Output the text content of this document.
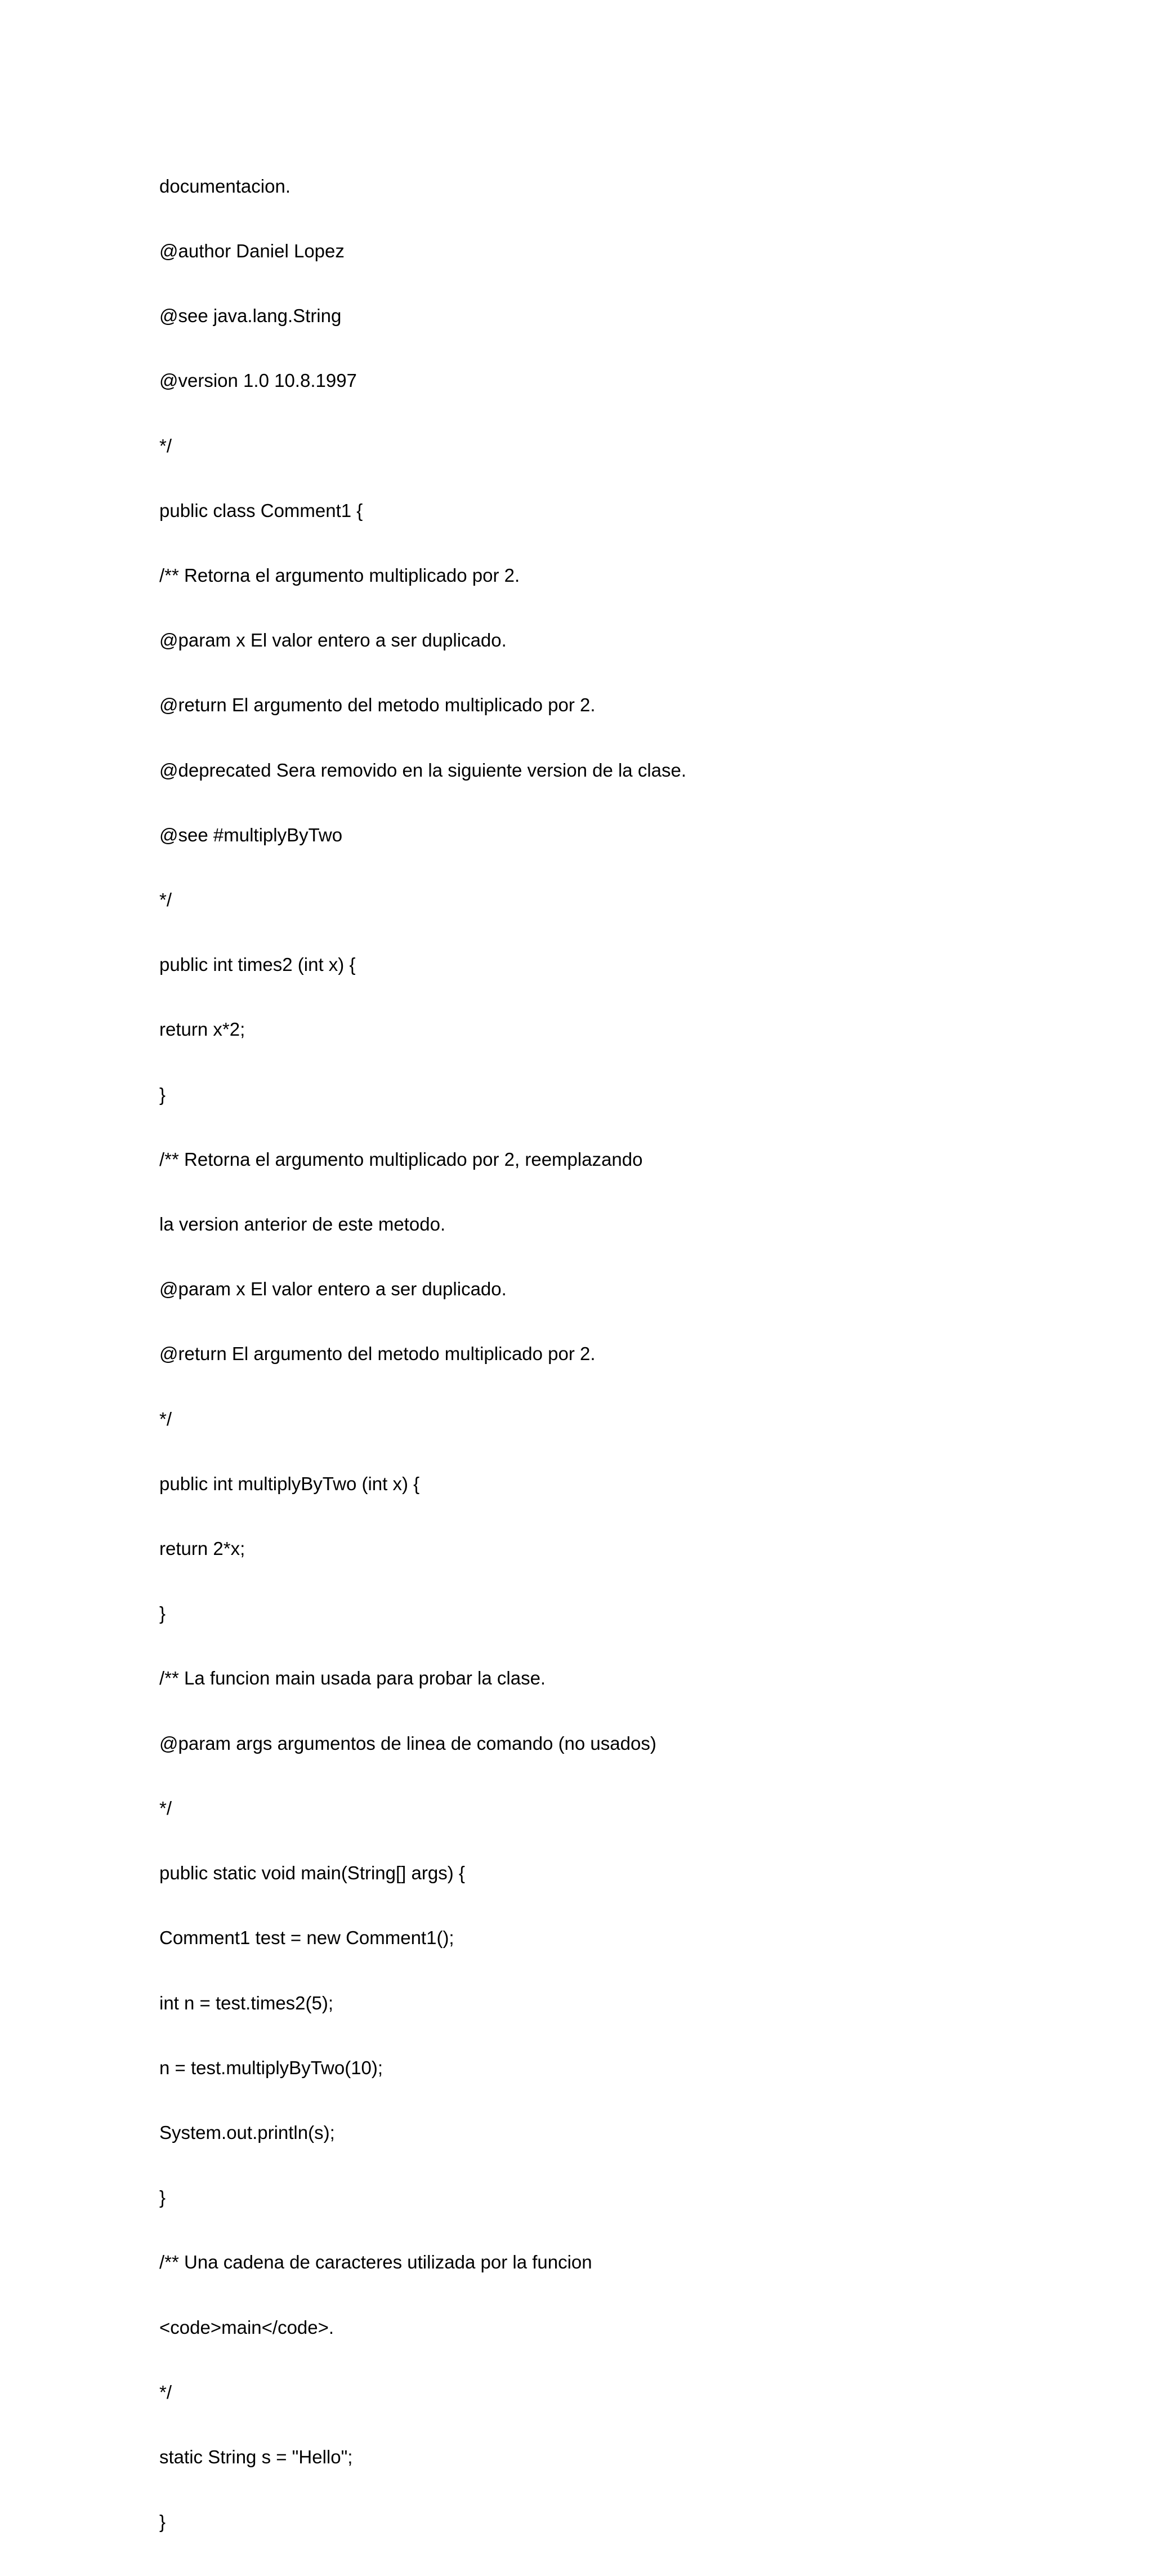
documentacion.

@author Daniel Lopez

@see java.lang.String

@version 1.0 10.8.1997

*/

public class Comment1 {

/** Retorna el argumento multiplicado por 2.

@param x El valor entero a ser duplicado.

@return El argumento del metodo multiplicado por 2.

@deprecated Sera removido en la siguiente version de la clase.

@see #multiplyByTwo

*/

public int times2 (int x) {

return x*2;

}

/** Retorna el argumento multiplicado por 2, reemplazando

la version anterior de este metodo.

@param x El valor entero a ser duplicado.

@return El argumento del metodo multiplicado por 2.

*/

public int multiplyByTwo (int x) {

return 2*x;

}

/** La funcion main usada para probar la clase.

@param args argumentos de linea de comando (no usados)

*/

public static void main(String[] args) {

Comment1 test = new Comment1();

int n = test.times2(5);

n = test.multiplyByTwo(10);

System.out.println(s);

}

/** Una cadena de caracteres utilizada por la funcion

<code>main</code>.

*/

static String s = "Hello";

}
